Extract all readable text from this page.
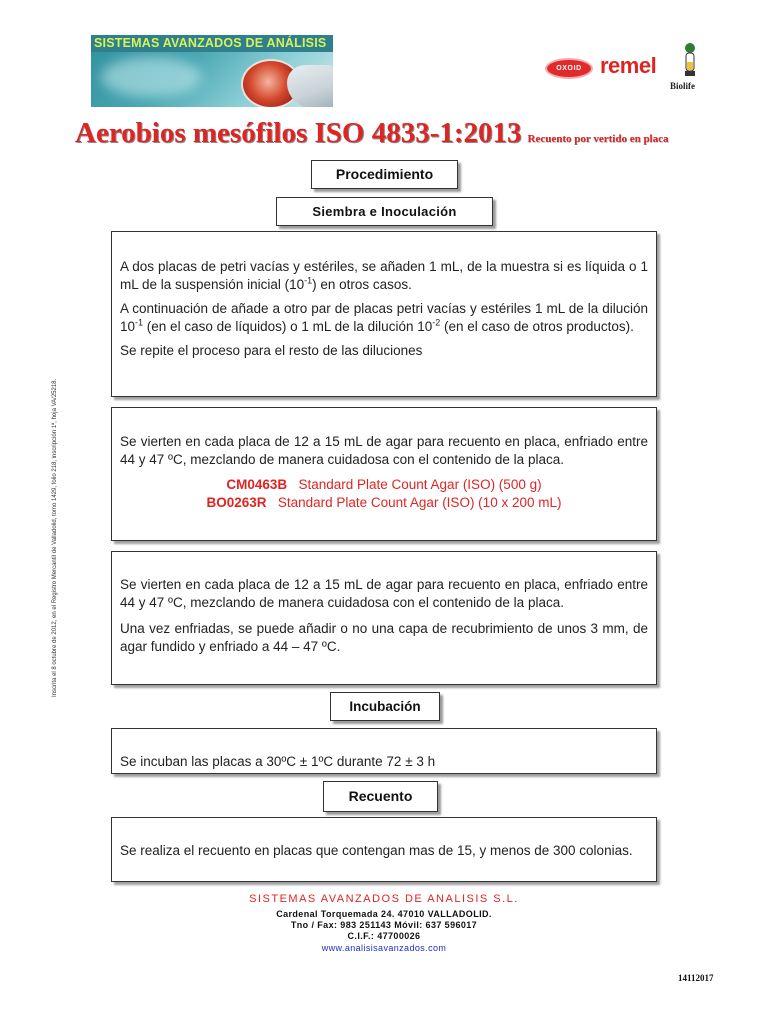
SISTEMAS AVANZADOS DE ANÁLISIS
OXOID remel
Biolife
Aerobios mesófilos ISO 4833-1:2013 Recuento por vertido en placa
Procedimiento
Siembra e Inoculación

A dos placas de petri vacías y estériles, se añaden 1 mL, de la muestra si es líquida o 1 mL de la suspensión inicial $(10^{-1})$ en otros casos.

A continuación de añade a otro par de placas petri vacías y estériles 1 mL de la dilución $10^{-1}$ (en el caso de líquidos) o 1 mL de la dilución $10^{-2}$ (en el caso de otros productos).

Se repite el proceso para el resto de las diluciones

Se vierten en cada placa de 12 a 15 mL de agar para recuento en placa, enfriado entre 44 y 47 ºC, mezclando de manera cuidadosa con el contenido de la placa.

CM0463B Standard Plate Count Agar (ISO) (500 g)
BO0263R Standard Plate Count Agar (ISO) (10 x 200 mL)

Se vierten en cada placa de 12 a 15 mL de agar para recuento en placa, enfriado entre 44 y 47 ºC, mezclando de manera cuidadosa con el contenido de la placa.

Una vez enfriadas, se puede añadir o no una capa de recubrimiento de unos 3 mm, de agar fundido y enfriado a 44 – 47 ºC.

Incubación

Se incuban las placas a 30ºC ± 1ºC durante 72 ± 3 h

Recuento

Se realiza el recuento en placas que contengan mas de 15, y menos de 300 colonias.

Inscrita el 8 octubre de 2012, en el Registro Mercantil de Valladolid, tomo 1429, folio 218, inscripción 1ª, hoja VA/25218.
SISTEMAS AVANZADOS DE ANALISIS S.L.
Cardenal Torquemada 24. 47010 VALLADOLID.
Tno / Fax: 983 251143 Móvil: 637 596017
C.I.F.: 47700026
www.analisisavanzados.com
14112017
